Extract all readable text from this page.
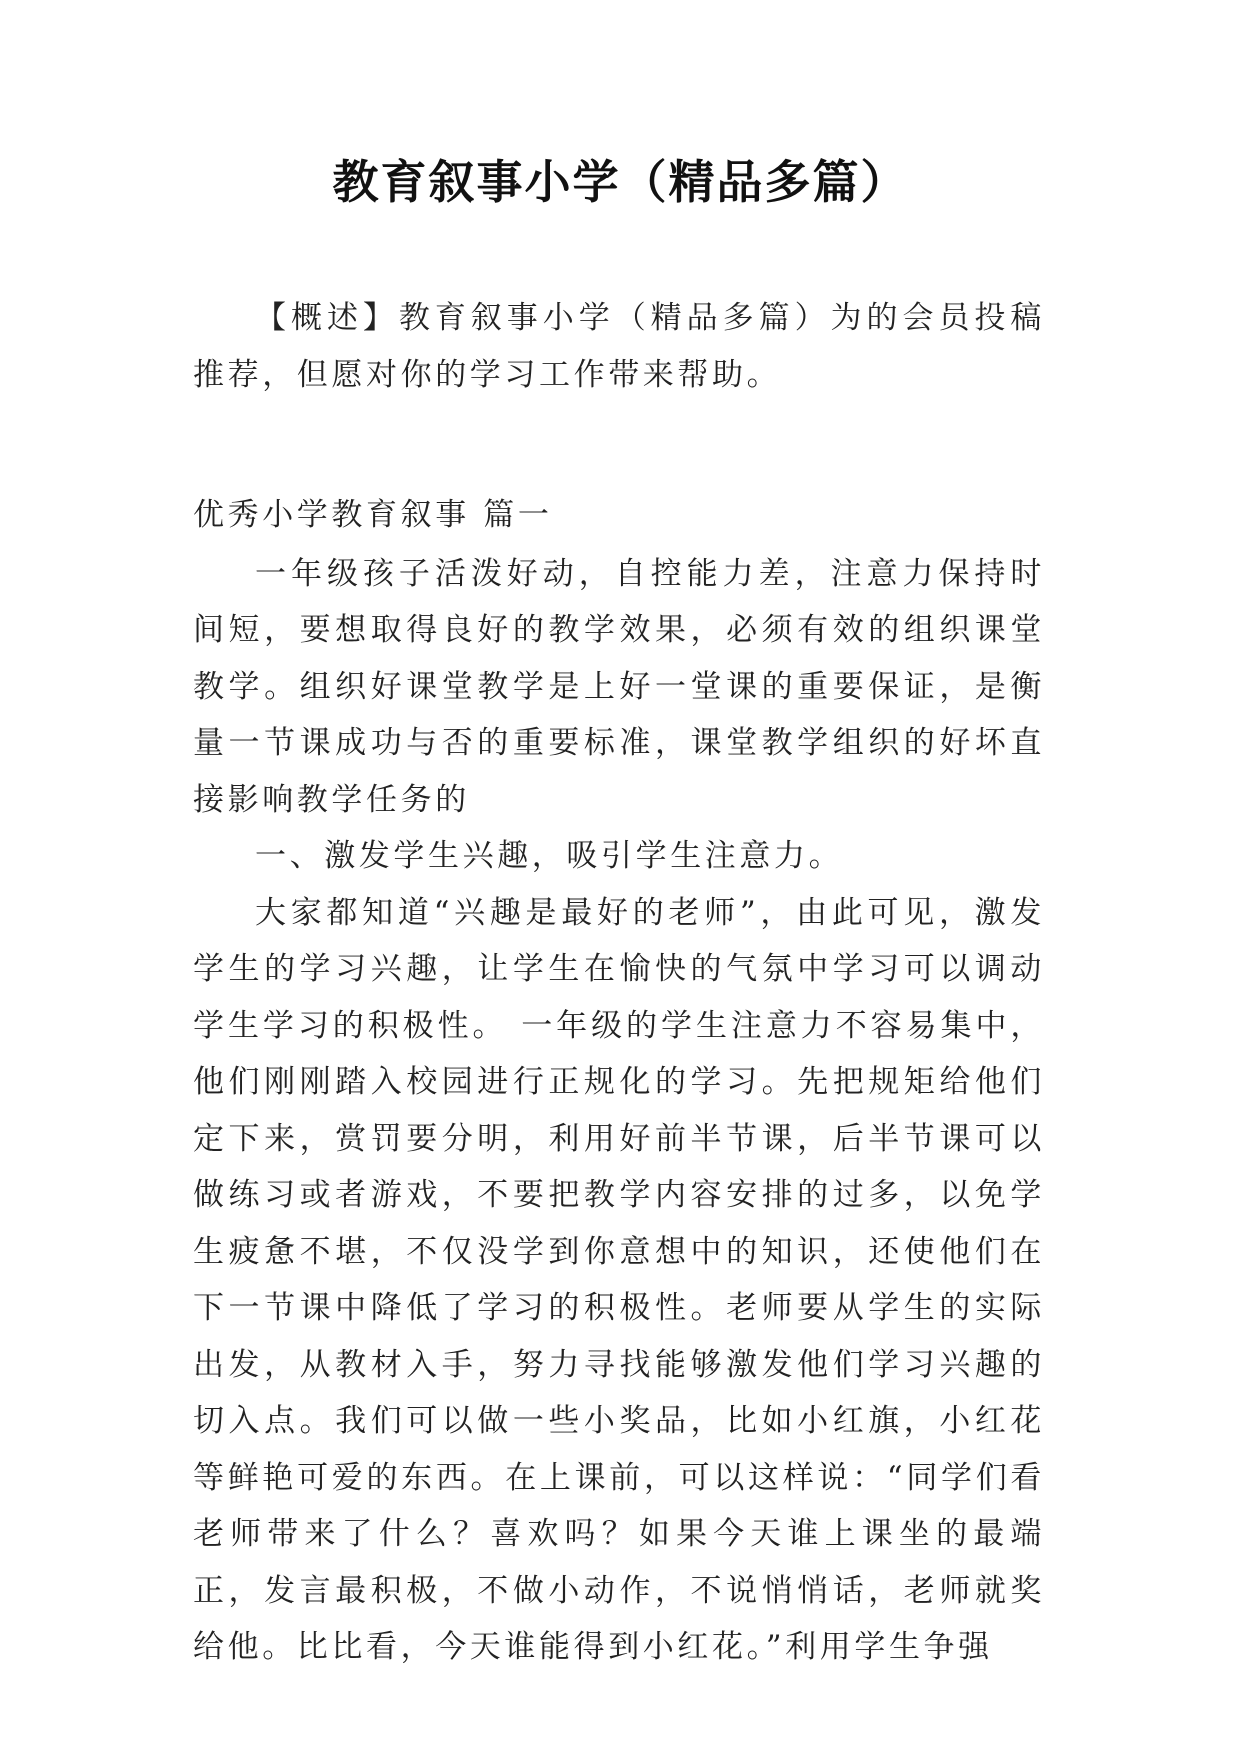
教育叙事小学（精品多篇）

【概述】教育叙事小学（精品多篇）为的会员投稿推荐，但愿对你的学习工作带来帮助。

优秀小学教育叙事 篇一

一年级孩子活泼好动，自控能力差，注意力保持时间短，要想取得良好的教学效果，必须有效的组织课堂教学。组织好课堂教学是上好一堂课的重要保证，是衡量一节课成功与否的重要标准，课堂教学组织的好坏直接影响教学任务的

一、激发学生兴趣，吸引学生注意力。

大家都知道“兴趣是最好的老师”，由此可见，激发学生的学习兴趣，让学生在愉快的气氛中学习可以调动学生学习的积极性。 一年级的学生注意力不容易集中，他们刚刚踏入校园进行正规化的学习。先把规矩给他们定下来，赏罚要分明，利用好前半节课，后半节课可以做练习或者游戏，不要把教学内容安排的过多，以免学生疲惫不堪，不仅没学到你意想中的知识，还使他们在下一节课中降低了学习的积极性。老师要从学生的实际出发，从教材入手，努力寻找能够激发他们学习兴趣的切入点。我们可以做一些小奖品，比如小红旗，小红花等鲜艳可爱的东西。在上课前，可以这样说：“同学们看老师带来了什么？喜欢吗？如果今天谁上课坐的最端正，发言最积极，不做小动作，不说悄悄话，老师就奖给他。比比看，今天谁能得到小红花。”利用学生争强
